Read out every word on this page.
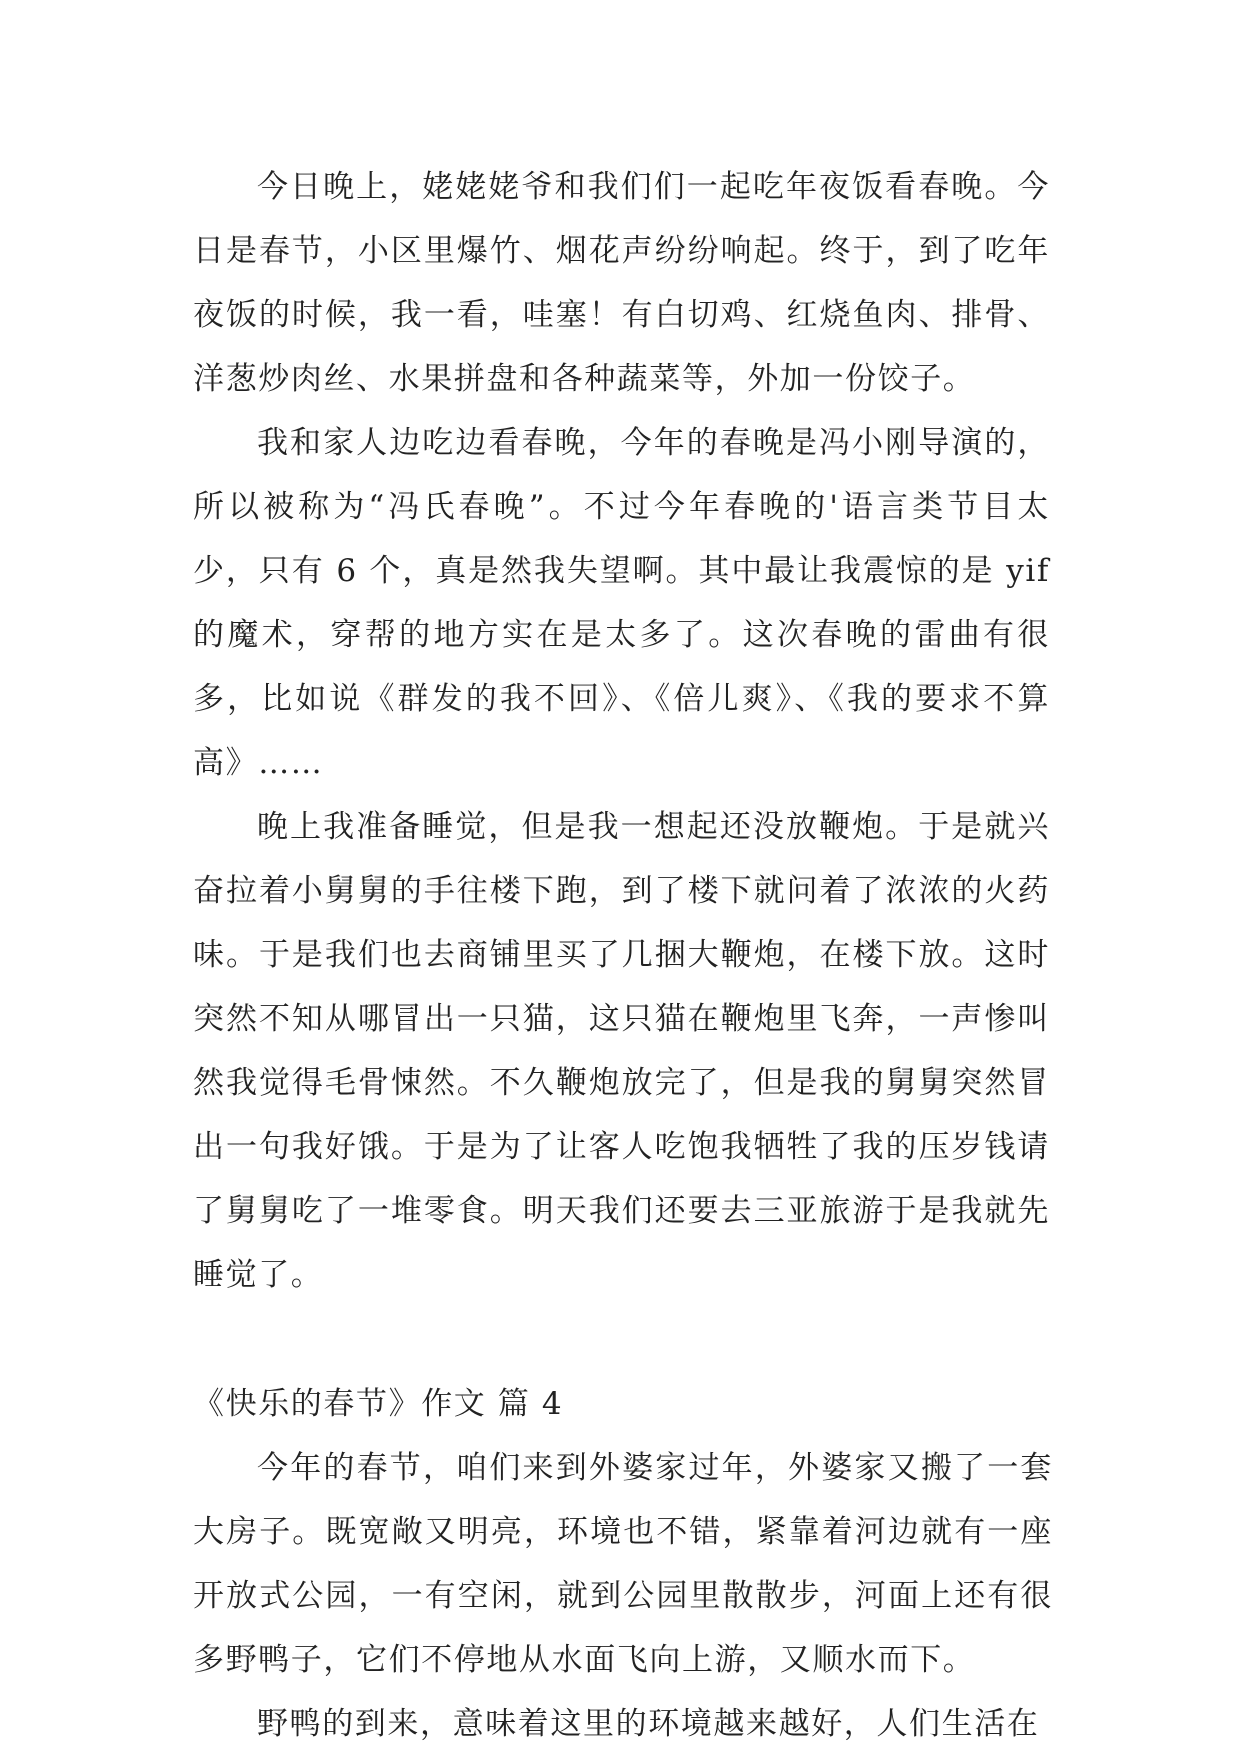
今日晚上，姥姥姥爷和我们们一起吃年夜饭看春晚。今日是春节，小区里爆竹、烟花声纷纷响起。终于，到了吃年夜饭的时候，我一看，哇塞！有白切鸡、红烧鱼肉、排骨、洋葱炒肉丝、水果拼盘和各种蔬菜等，外加一份饺子。

我和家人边吃边看春晚，今年的春晚是冯小刚导演的，所以被称为“冯氏春晚”。不过今年春晚的'语言类节目太少，只有 6 个，真是然我失望啊。其中最让我震惊的是 yif 的魔术，穿帮的地方实在是太多了。这次春晚的雷曲有很多，比如说《群发的我不回》、《倍儿爽》、《我的要求不算高》……

晚上我准备睡觉，但是我一想起还没放鞭炮。于是就兴奋拉着小舅舅的手往楼下跑，到了楼下就问着了浓浓的火药味。于是我们也去商铺里买了几捆大鞭炮，在楼下放。这时突然不知从哪冒出一只猫，这只猫在鞭炮里飞奔，一声惨叫然我觉得毛骨悚然。不久鞭炮放完了，但是我的舅舅突然冒出一句我好饿。于是为了让客人吃饱我牺牲了我的压岁钱请了舅舅吃了一堆零食。明天我们还要去三亚旅游于是我就先睡觉了。

《快乐的春节》作文 篇 4

今年的春节，咱们来到外婆家过年，外婆家又搬了一套大房子。既宽敞又明亮，环境也不错，紧靠着河边就有一座开放式公园，一有空闲，就到公园里散散步，河面上还有很多野鸭子，它们不停地从水面飞向上游，又顺水而下。

野鸭的到来，意味着这里的环境越来越好，人们生活在
